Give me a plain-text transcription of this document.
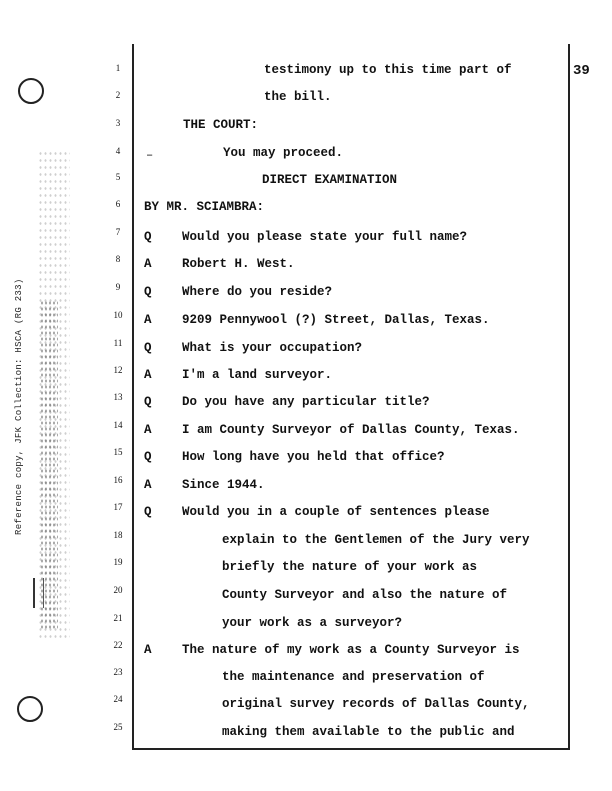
Reference copy, JFK Collection: HSCA (RG 233)
39
–
1
2
3
4
5
6
7
8
9
10
11
12
13
14
15
16
17
18
19
20
21
22
23
24
25
Q
A
Q
A
Q
A
Q
A
Q
A
Q
A
testimony up to this time part of
the bill.
THE COURT:
You may proceed.
DIRECT EXAMINATION
BY MR. SCIAMBRA:
Would you please state your full name?
Robert H. West.
Where do you reside?
9209 Pennywool (?) Street, Dallas, Texas.
What is your occupation?
I'm a land surveyor.
Do you have any particular title?
I am County Surveyor of Dallas County, Texas.
How long have you held that office?
Since 1944.
Would you in a couple of sentences please
explain to the Gentlemen of the Jury very
briefly the nature of your work as
County Surveyor and also the nature of
your work as a surveyor?
The nature of my work as a County Surveyor is
the maintenance and preservation of
original survey records of Dallas County,
making them available to the public and
